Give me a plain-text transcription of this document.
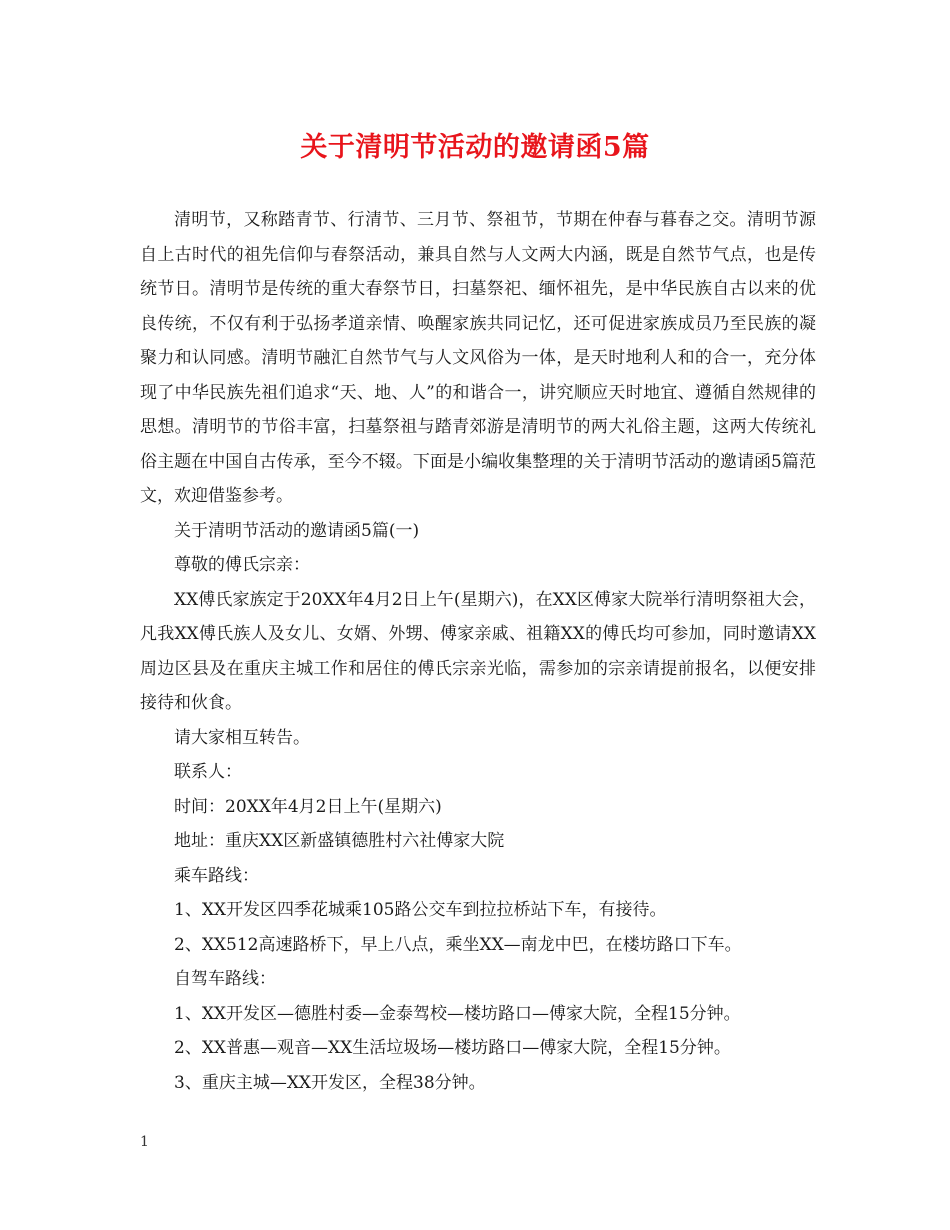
关于清明节活动的邀请函5篇

清明节，又称踏青节、行清节、三月节、祭祖节，节期在仲春与暮春之交。清明节源自上古时代的祖先信仰与春祭活动，兼具自然与人文两大内涵，既是自然节气点，也是传统节日。清明节是传统的重大春祭节日，扫墓祭祀、缅怀祖先，是中华民族自古以来的优良传统，不仅有利于弘扬孝道亲情、唤醒家族共同记忆，还可促进家族成员乃至民族的凝聚力和认同感。清明节融汇自然节气与人文风俗为一体，是天时地利人和的合一，充分体现了中华民族先祖们追求“天、地、人”的和谐合一，讲究顺应天时地宜、遵循自然规律的思想。清明节的节俗丰富，扫墓祭祖与踏青郊游是清明节的两大礼俗主题，这两大传统礼俗主题在中国自古传承，至今不辍。下面是小编收集整理的关于清明节活动的邀请函5篇范文，欢迎借鉴参考。

关于清明节活动的邀请函5篇(一)

尊敬的傅氏宗亲：

XX傅氏家族定于20XX年4月2日上午(星期六)，在XX区傅家大院举行清明祭祖大会，凡我XX傅氏族人及女儿、女婿、外甥、傅家亲戚、祖籍XX的傅氏均可参加，同时邀请XX周边区县及在重庆主城工作和居住的傅氏宗亲光临，需参加的宗亲请提前报名，以便安排接待和伙食。

请大家相互转告。

联系人：

时间：20XX年4月2日上午(星期六)

地址：重庆XX区新盛镇德胜村六社傅家大院

乘车路线：

1、XX开发区四季花城乘105路公交车到拉拉桥站下车，有接待。

2、XX512高速路桥下，早上八点，乘坐XX—南龙中巴，在楼坊路口下车。

自驾车路线：

1、XX开发区—德胜村委—金泰驾校—楼坊路口—傅家大院，全程15分钟。

2、XX普惠—观音—XX生活垃圾场—楼坊路口—傅家大院，全程15分钟。

3、重庆主城—XX开发区，全程38分钟。

1
